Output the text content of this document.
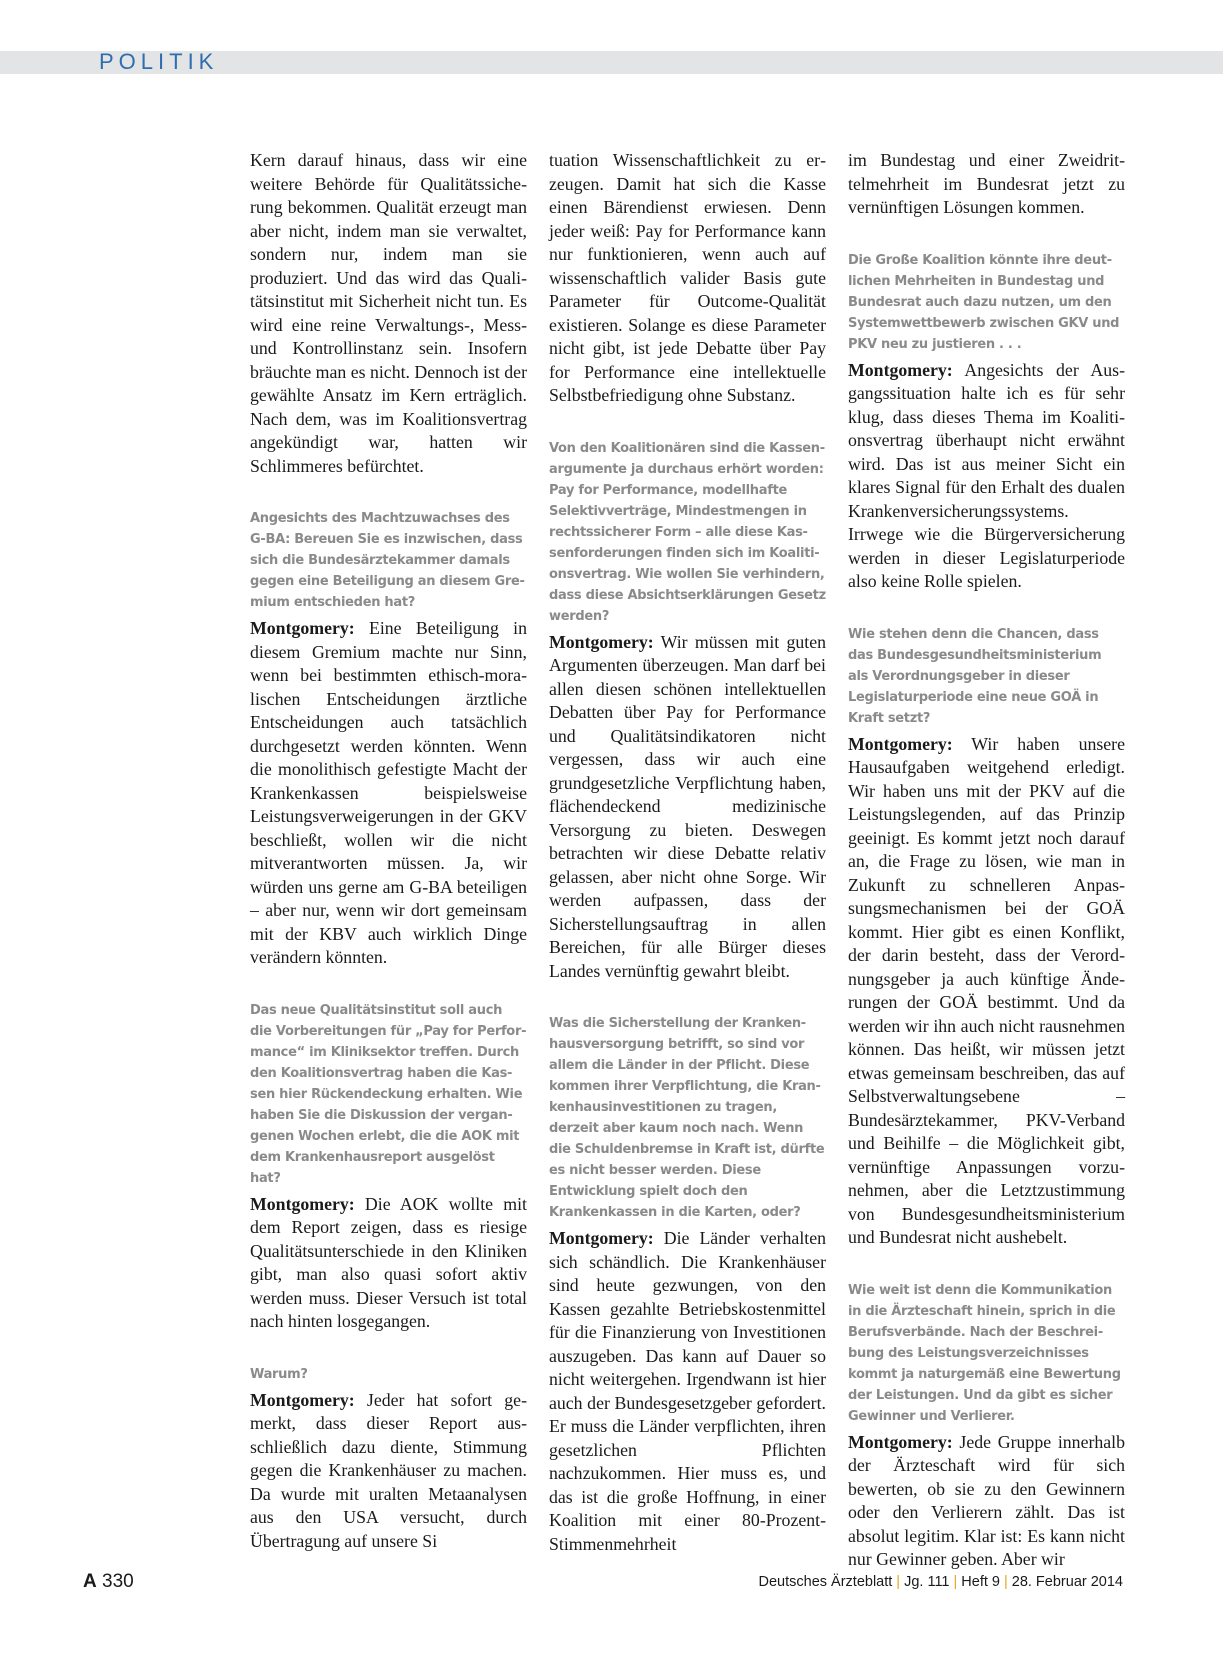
POLITIK

Kern darauf hinaus, dass wir eine weitere Behörde für Qualitätssicherung bekommen. Qualität erzeugt man aber nicht, indem man sie verwaltet, sondern nur, indem man sie produziert. Und das wird das Qualitätsinstitut mit Sicherheit nicht tun. Es wird eine reine Verwaltungs-, Mess- und Kontrollinstanz sein. Insofern bräuchte man es nicht. Dennoch ist der gewählte Ansatz im Kern erträglich. Nach dem, was im Koalitionsvertrag angekündigt war, hatten wir Schlimmeres befürchtet.

Angesichts des Machtzuwachses des G-BA: Bereuen Sie es inzwischen, dass sich die Bundesärztekammer damals gegen eine Beteiligung an diesem Gremium entschieden hat?

Montgomery: Eine Beteiligung in diesem Gremium machte nur Sinn, wenn bei bestimmten ethisch-moralischen Entscheidungen ärztliche Entscheidungen auch tatsächlich durchgesetzt werden könnten. Wenn die monolithisch gefestigte Macht der Krankenkassen beispielsweise Leistungsverweigerungen in der GKV beschließt, wollen wir die nicht mitverantworten müssen. Ja, wir würden uns gerne am G-BA beteiligen – aber nur, wenn wir dort gemeinsam mit der KBV auch wirklich Dinge verändern könnten.

Das neue Qualitätsinstitut soll auch die Vorbereitungen für „Pay for Performance“ im Kliniksektor treffen. Durch den Koalitionsvertrag haben die Kassen hier Rückendeckung erhalten. Wie haben Sie die Diskussion der vergangenen Wochen erlebt, die die AOK mit dem Krankenhausreport ausgelöst hat?

Montgomery: Die AOK wollte mit dem Report zeigen, dass es riesige Qualitätsunterschiede in den Kliniken gibt, man also quasi sofort aktiv werden muss. Dieser Versuch ist total nach hinten losgegangen.

Warum?

Montgomery: Jeder hat sofort gemerkt, dass dieser Report ausschließlich dazu diente, Stimmung gegen die Krankenhäuser zu machen. Da wurde mit uralten Metaanalysen aus den USA versucht, durch Übertragung auf unsere Si

tuation Wissenschaftlichkeit zu erzeugen. Damit hat sich die Kasse einen Bärendienst erwiesen. Denn jeder weiß: Pay for Performance kann nur funktionieren, wenn auch auf wissenschaftlich valider Basis gute Parameter für Outcome-Qualität existieren. Solange es diese Parameter nicht gibt, ist jede Debatte über Pay for Performance eine intellektuelle Selbstbefriedigung ohne Substanz.

Von den Koalitionären sind die Kassenargumente ja durchaus erhört worden: Pay for Performance, modellhafte Selektivverträge, Mindestmengen in rechtssicherer Form – alle diese Kassenforderungen finden sich im Koalitionsvertrag. Wie wollen Sie verhindern, dass diese Absichtserklärungen Gesetz werden?

Montgomery: Wir müssen mit guten Argumenten überzeugen. Man darf bei allen diesen schönen intellektuellen Debatten über Pay for Performance und Qualitätsindikatoren nicht vergessen, dass wir auch eine grundgesetzliche Verpflichtung haben, flächendeckend medizinische Versorgung zu bieten. Deswegen betrachten wir diese Debatte relativ gelassen, aber nicht ohne Sorge. Wir werden aufpassen, dass der Sicherstellungsauftrag in allen Bereichen, für alle Bürger dieses Landes vernünftig gewahrt bleibt.

Was die Sicherstellung der Krankenhausversorgung betrifft, so sind vor allem die Länder in der Pflicht. Diese kommen ihrer Verpflichtung, die Krankenhausinvestitionen zu tragen, derzeit aber kaum noch nach. Wenn die Schuldenbremse in Kraft ist, dürfte es nicht besser werden. Diese Entwicklung spielt doch den Krankenkassen in die Karten, oder?

Montgomery: Die Länder verhalten sich schändlich. Die Krankenhäuser sind heute gezwungen, von den Kassen gezahlte Betriebskostenmittel für die Finanzierung von Investitionen auszugeben. Das kann auf Dauer so nicht weitergehen. Irgendwann ist hier auch der Bundesgesetzgeber gefordert. Er muss die Länder verpflichten, ihren gesetzlichen Pflichten nachzukommen. Hier muss es, und das ist die große Hoffnung, in einer Koalition mit einer 80-Prozent-Stimmenmehrheit

im Bundestag und einer Zweidrittelmehrheit im Bundesrat jetzt zu vernünftigen Lösungen kommen.

Die Große Koalition könnte ihre deutlichen Mehrheiten in Bundestag und Bundesrat auch dazu nutzen, um den Systemwettbewerb zwischen GKV und PKV neu zu justieren . . .

Montgomery: Angesichts der Ausgangssituation halte ich es für sehr klug, dass dieses Thema im Koalitionsvertrag überhaupt nicht erwähnt wird. Das ist aus meiner Sicht ein klares Signal für den Erhalt des dualen Krankenversicherungssystems. Irrwege wie die Bürgerversicherung werden in dieser Legislaturperiode also keine Rolle spielen.

Wie stehen denn die Chancen, dass das Bundesgesundheitsministerium als Verordnungsgeber in dieser Legislaturperiode eine neue GOÄ in Kraft setzt?

Montgomery: Wir haben unsere Hausaufgaben weitgehend erledigt. Wir haben uns mit der PKV auf die Leistungslegenden, auf das Prinzip geeinigt. Es kommt jetzt noch darauf an, die Frage zu lösen, wie man in Zukunft zu schnelleren Anpassungsmechanismen bei der GOÄ kommt. Hier gibt es einen Konflikt, der darin besteht, dass der Verordnungsgeber ja auch künftige Änderungen der GOÄ bestimmt. Und da werden wir ihn auch nicht rausnehmen können. Das heißt, wir müssen jetzt etwas gemeinsam beschreiben, das auf Selbstverwaltungsebene – Bundesärztekammer, PKV-Verband und Beihilfe – die Möglichkeit gibt, vernünftige Anpassungen vorzunehmen, aber die Letztzustimmung von Bundesgesundheitsministerium und Bundesrat nicht aushebelt.

Wie weit ist denn die Kommunikation in die Ärzteschaft hinein, sprich in die Berufsverbände. Nach der Beschreibung des Leistungsverzeichnisses kommt ja naturgemäß eine Bewertung der Leistungen. Und da gibt es sicher Gewinner und Verlierer.

Montgomery: Jede Gruppe innerhalb der Ärzteschaft wird für sich bewerten, ob sie zu den Gewinnern oder den Verlierern zählt. Das ist absolut legitim. Klar ist: Es kann nicht nur Gewinner geben. Aber wir

A 330	Deutsches Ärzteblatt | Jg. 111 | Heft 9 | 28. Februar 2014
